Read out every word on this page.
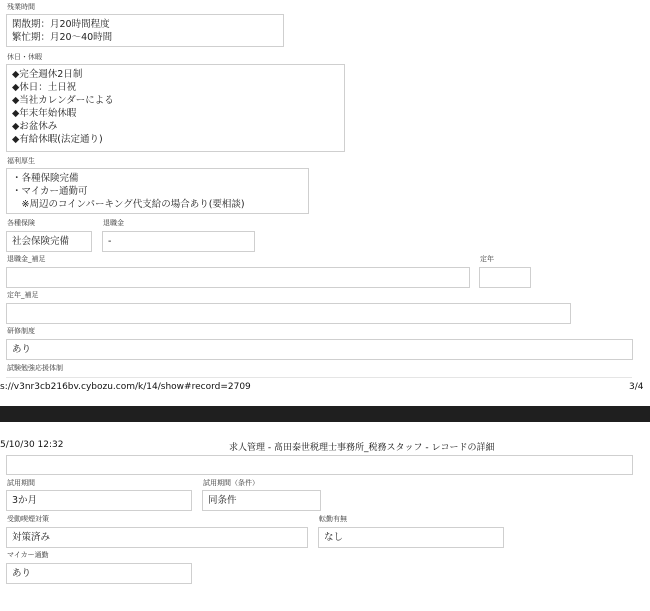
残業時間
閑散期：月20時間程度
繁忙期：月20～40時間
休日・休暇
◆完全週休2日制
◆休日：土日祝
◆当社カレンダーによる
◆年末年始休暇
◆お盆休み
◆有給休暇(法定通り)
福利厚生
・各種保険完備
・マイカー通勤可
　※周辺のコインパーキング代支給の場合あり(要相談)
各種保険
社会保険完備
退職金
-
退職金_補足	定年
定年_補足
研修制度
あり
試験勉強応援体制
s://v3nr3cb216bv.cybozu.com/k/14/show#record=2709	3/4
5/10/30 12:32	求人管理 - 髙田泰世税理士事務所_税務スタッフ - レコードの詳細
試用期間
3か月
試用期間（条件）
同条件
受動喫煙対策
対策済み
転勤有無
なし
マイカー通勤
あり
